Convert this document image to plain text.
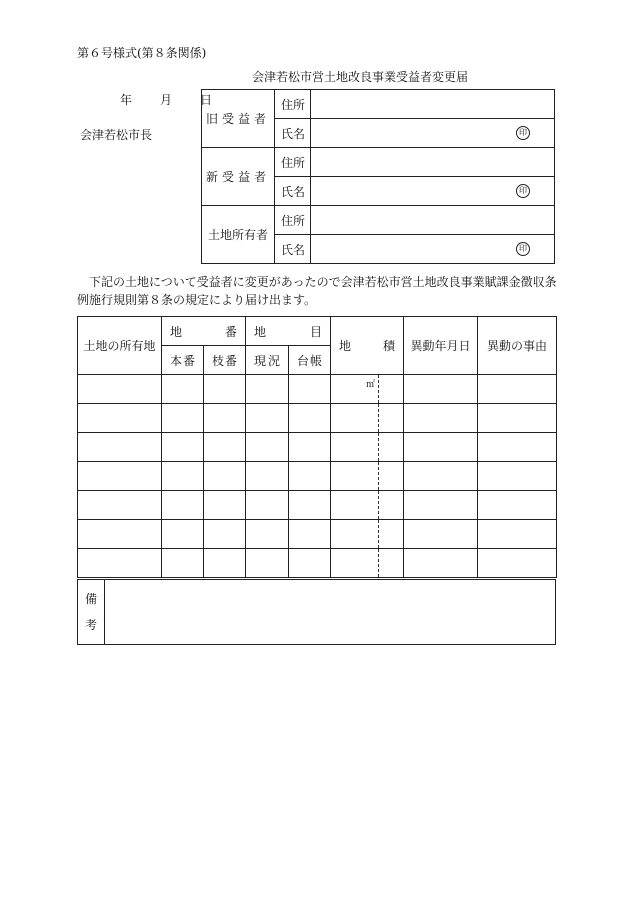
第６号様式(第８条関係)
会津若松市営土地改良事業受益者変更届
年　月　日
会津若松市長
旧受益者	住所	
	氏名	印

新受益者	住所	
	氏名	印

土地所有者	住所	
	氏名	印
下記の土地について受益者に変更があったので会津若松市営土地改良事業賦課金徴収条例施行規則第８条の規定により届け出ます。
土地の所有地	地番		地目		地積	異動年月日	異動の事由
	本番	枝番	現況	台帳			

					㎡		

備
考
